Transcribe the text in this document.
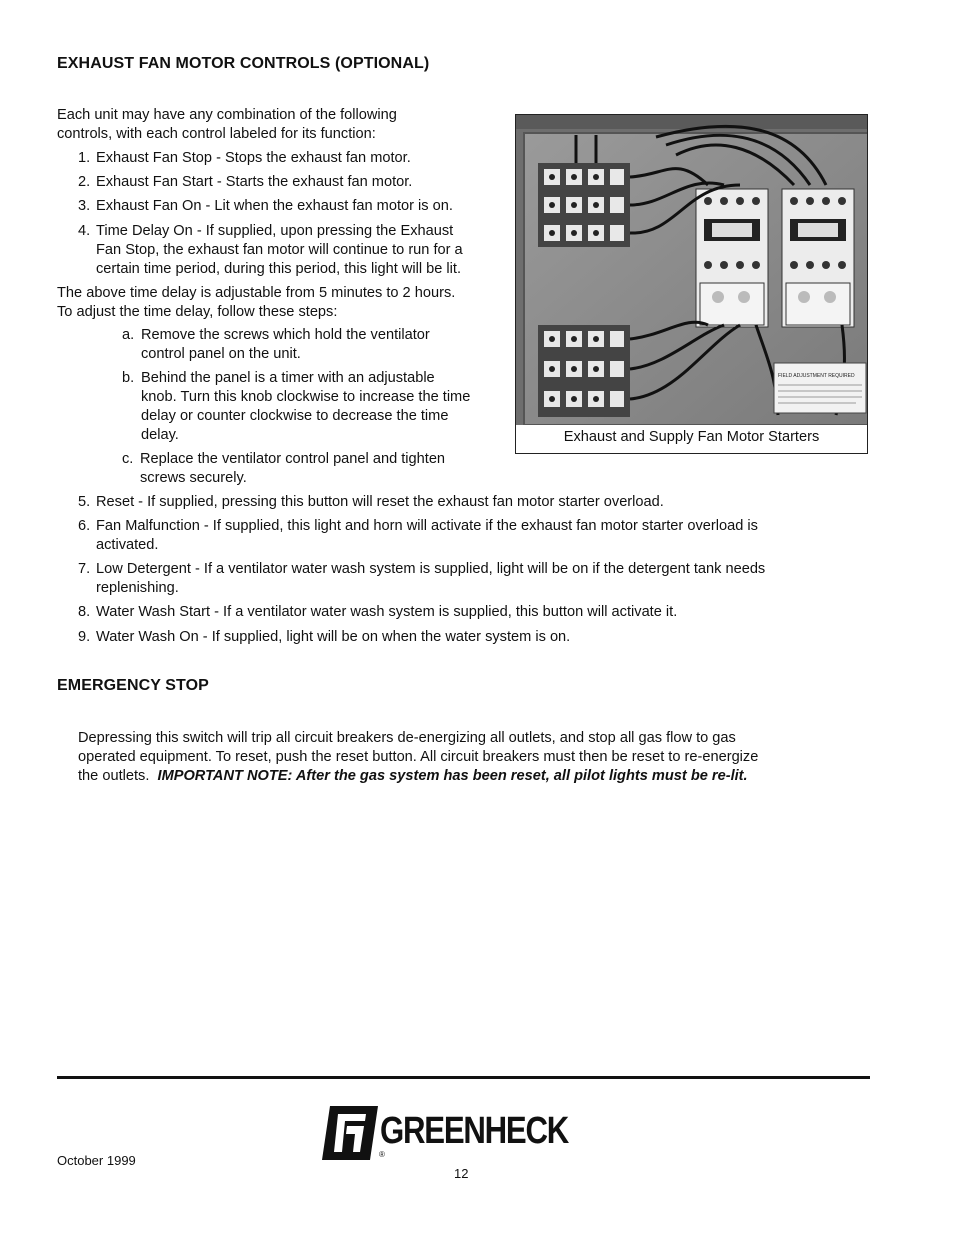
EXHAUST FAN MOTOR CONTROLS (OPTIONAL)
Each unit may have any combination of the following
controls, with each control labeled for its function:
1. Exhaust Fan Stop - Stops the exhaust fan motor.
2. Exhaust Fan Start - Starts the exhaust fan motor.
3. Exhaust Fan On - Lit when the exhaust fan motor is on.
4. Time Delay On - If supplied, upon pressing the Exhaust
Fan Stop, the exhaust fan motor will continue to run for a
certain time period, during this period, this light will be lit.
The above time delay is adjustable from 5 minutes to 2 hours.
To adjust the time delay, follow these steps:
a. Remove the screws which hold the ventilator
control panel on the unit.
b. Behind the panel is a timer with an adjustable
knob. Turn this knob clockwise to increase the time
delay or counter clockwise to decrease the time
delay.
c. Replace the ventilator control panel and tighten
screws securely.
FIELD ADJUSTMENT REQUIRED
Exhaust and Supply Fan Motor Starters
5. Reset - If supplied, pressing this button will reset the exhaust fan motor starter overload.
6. Fan Malfunction - If supplied, this light and horn will activate if the exhaust fan motor starter overload is
activated.
7. Low Detergent - If a ventilator water wash system is supplied, light will be on if the detergent tank needs
replenishing.
8. Water Wash Start - If a ventilator water wash system is supplied, this button will activate it.
9. Water Wash On - If supplied, light will be on when the water system is on.
EMERGENCY STOP
Depressing this switch will trip all circuit breakers de-energizing all outlets, and stop all gas flow to gas
operated equipment. To reset, push the reset button. All circuit breakers must then be reset to re-energize
the outlets. IMPORTANT NOTE: After the gas system has been reset, all pilot lights must be re-lit.
GREENHECK
®
October 1999
12
